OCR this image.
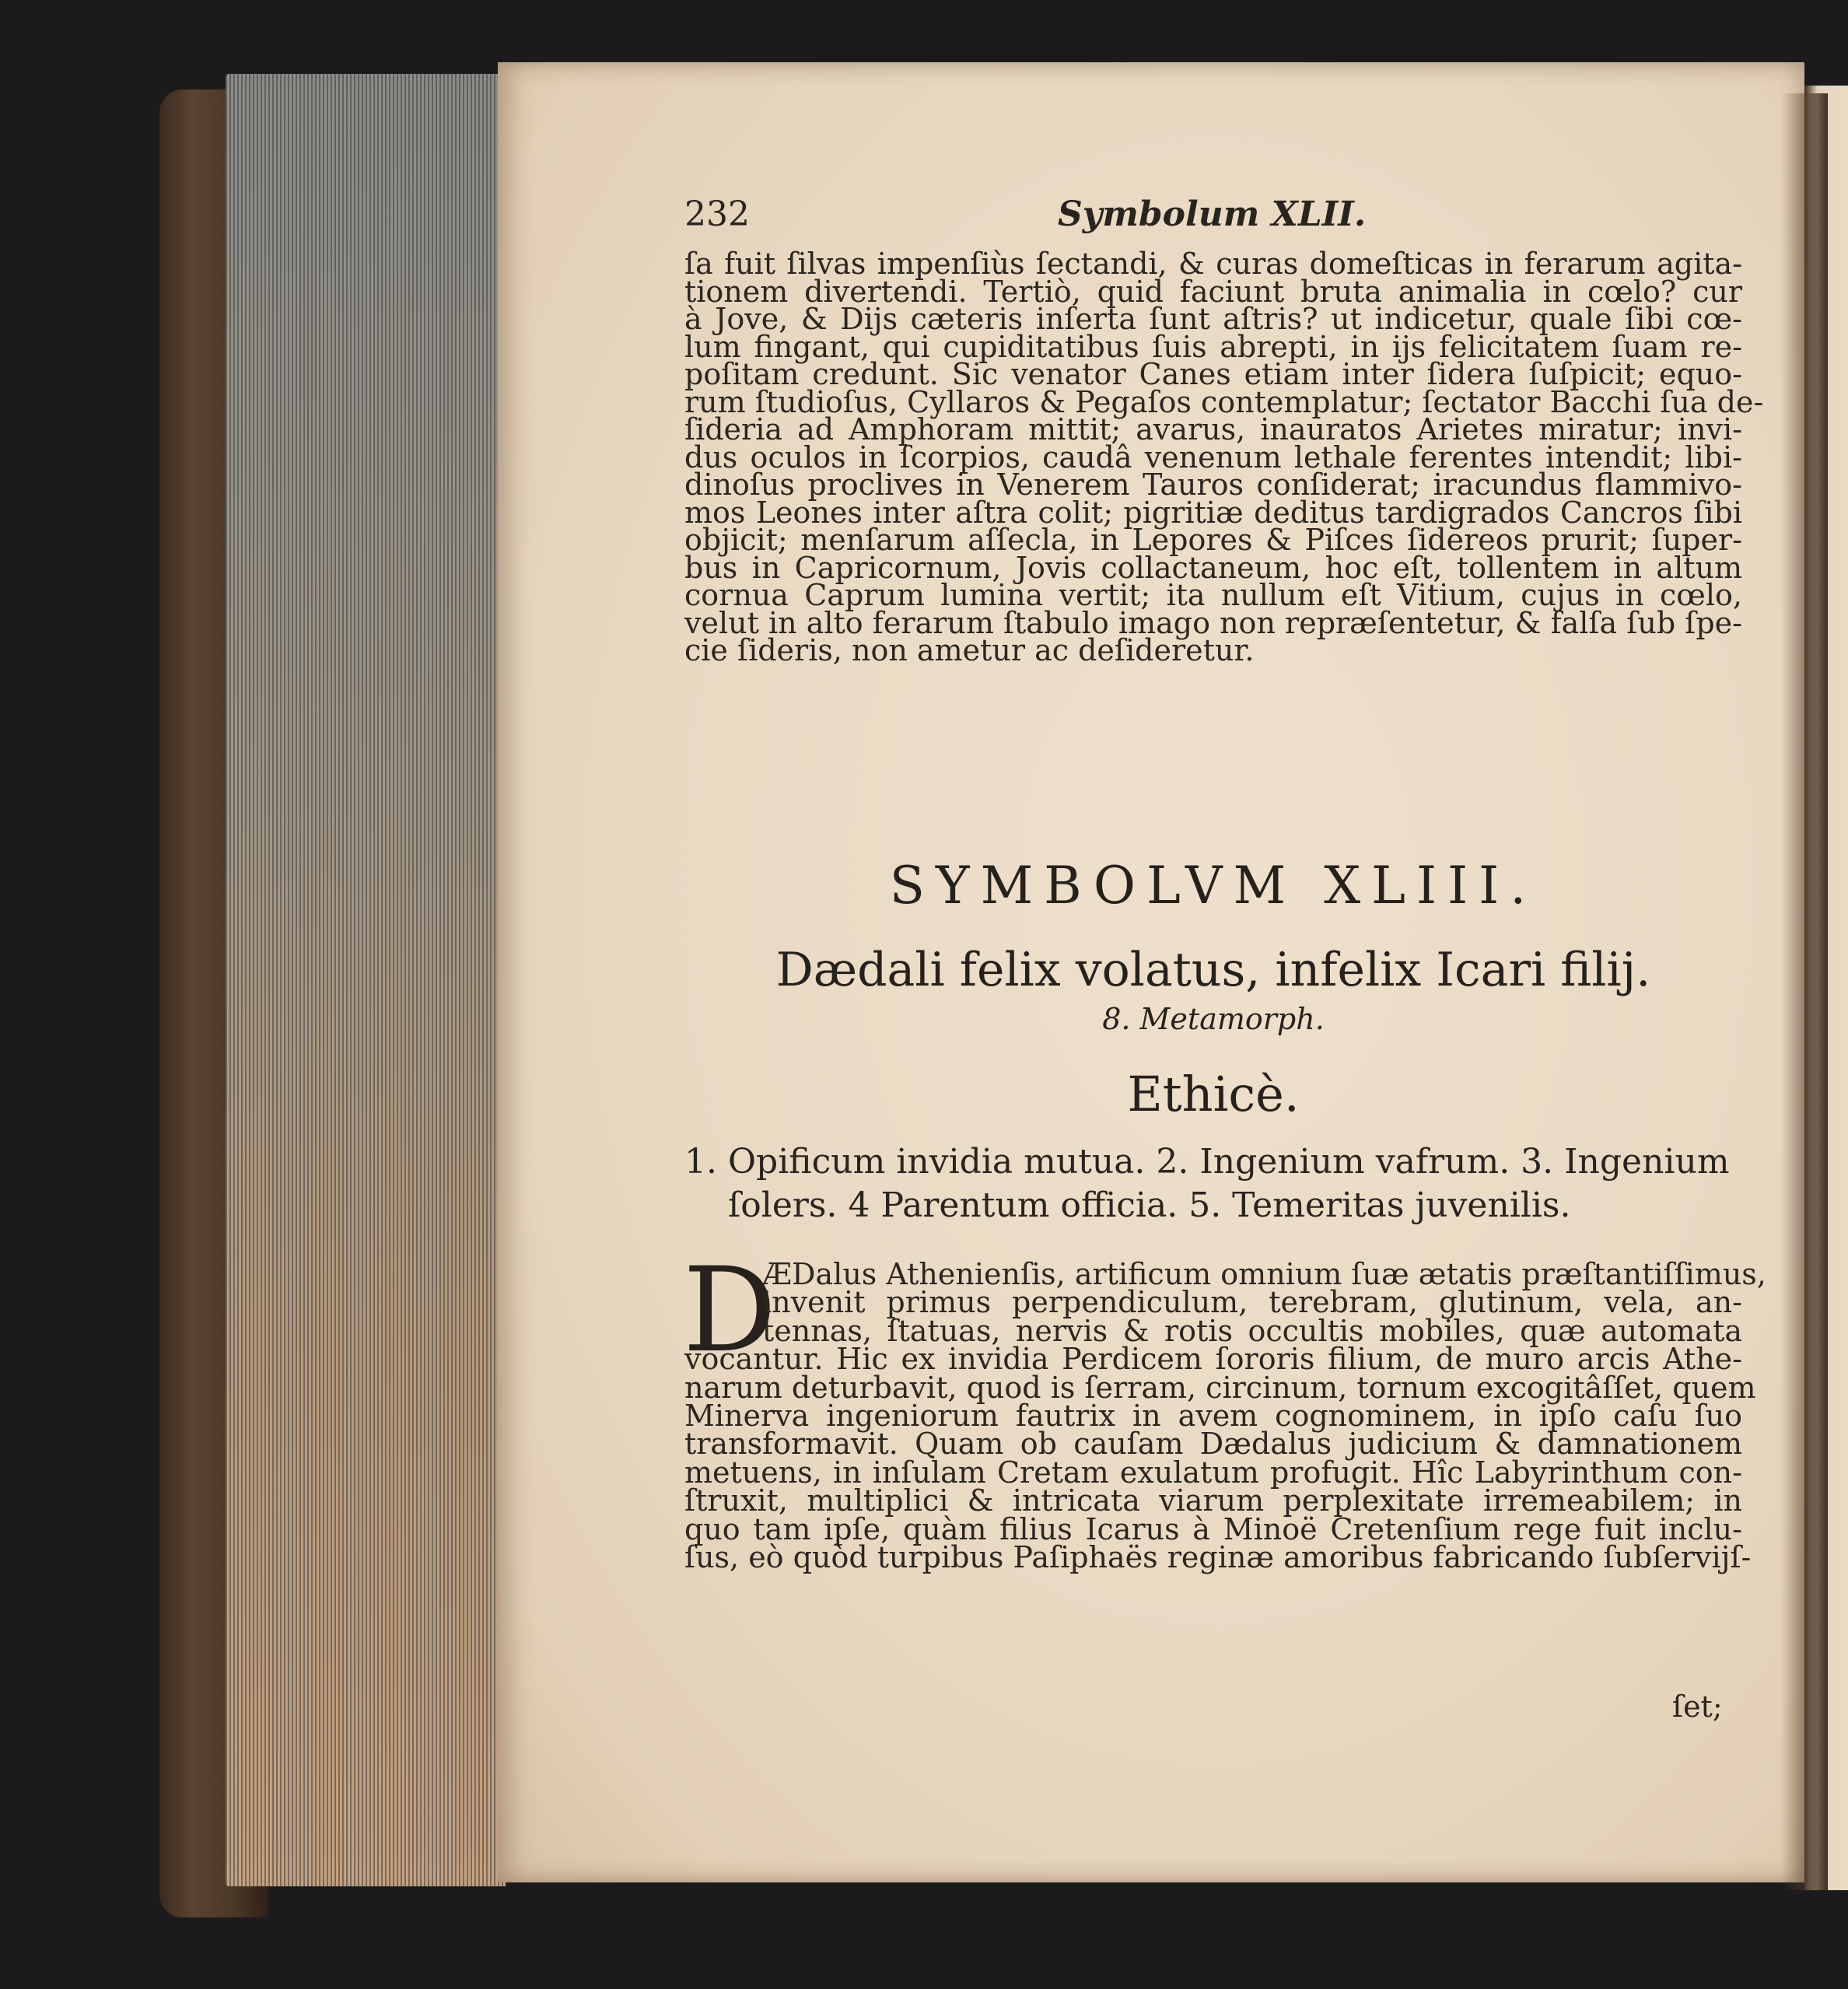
232	Symbolum XLII.
ſa fuit ſilvas impenſiùs ſectandi, & curas domeſticas in ferarum agita-
tionem divertendi. Tertiò, quid faciunt bruta animalia in cœlo? cur
à Jove, & Dijs cæteris inſerta ſunt aſtris? ut indicetur, quale ſibi cœ-
lum fingant, qui cupiditatibus ſuis abrepti, in ijs felicitatem ſuam re-
poſitam credunt. Sic venator Canes etiam inter ſidera ſuſpicit; equo-
rum ſtudioſus, Cyllaros & Pegaſos contemplatur; ſectator Bacchi ſua de-
ſideria ad Amphoram mittit; avarus, inauratos Arietes miratur; invi-
dus oculos in ſcorpios, caudâ venenum lethale ferentes intendit; libi-
dinoſus proclives in Venerem Tauros conſiderat; iracundus flammivo-
mos Leones inter aſtra colit; pigritiæ deditus tardigrados Cancros ſibi
objicit; menſarum aſſecla, in Lepores & Piſces ſidereos prurit; ſuper-
bus in Capricornum, Jovis collactaneum, hoc eſt, tollentem in altum
cornua Caprum lumina vertit; ita nullum eſt Vitium, cujus in cœlo,
velut in alto ferarum ſtabulo imago non repræſentetur, & falſa ſub ſpe-
cie ſideris, non ametur ac deſideretur.
SYMBOLVM XLIII.
Dædali felix volatus, infelix Icari filij.
8. Metamorph.
Ethicè.
1. Opificum invidia mutua. 2. Ingenium vafrum. 3. Ingenium
ſolers. 4 Parentum officia. 5. Temeritas juvenilis.
D
ÆDalus Athenienſis, artificum omnium ſuæ ætatis præſtantiſſimus,
invenit primus perpendiculum, terebram, glutinum, vela, an-
tennas, ſtatuas, nervis & rotis occultis mobiles, quæ automata
vocantur. Hic ex invidia Perdicem ſororis filium, de muro arcis Athe-
narum deturbavit, quod is ſerram, circinum, tornum excogitâſſet, quem
Minerva ingeniorum fautrix in avem cognominem, in ipſo caſu ſuo
transformavit. Quam ob cauſam Dædalus judicium & damnationem
metuens, in inſulam Cretam exulatum profugit. Hîc Labyrinthum con-
ſtruxit, multiplici & intricata viarum perplexitate irremeabilem; in
quo tam ipſe, quàm filius Icarus à Minoë Cretenſium rege fuit inclu-
ſus, eò quòd turpibus Paſiphaës reginæ amoribus fabricando ſubſervijſ-
ſet;
